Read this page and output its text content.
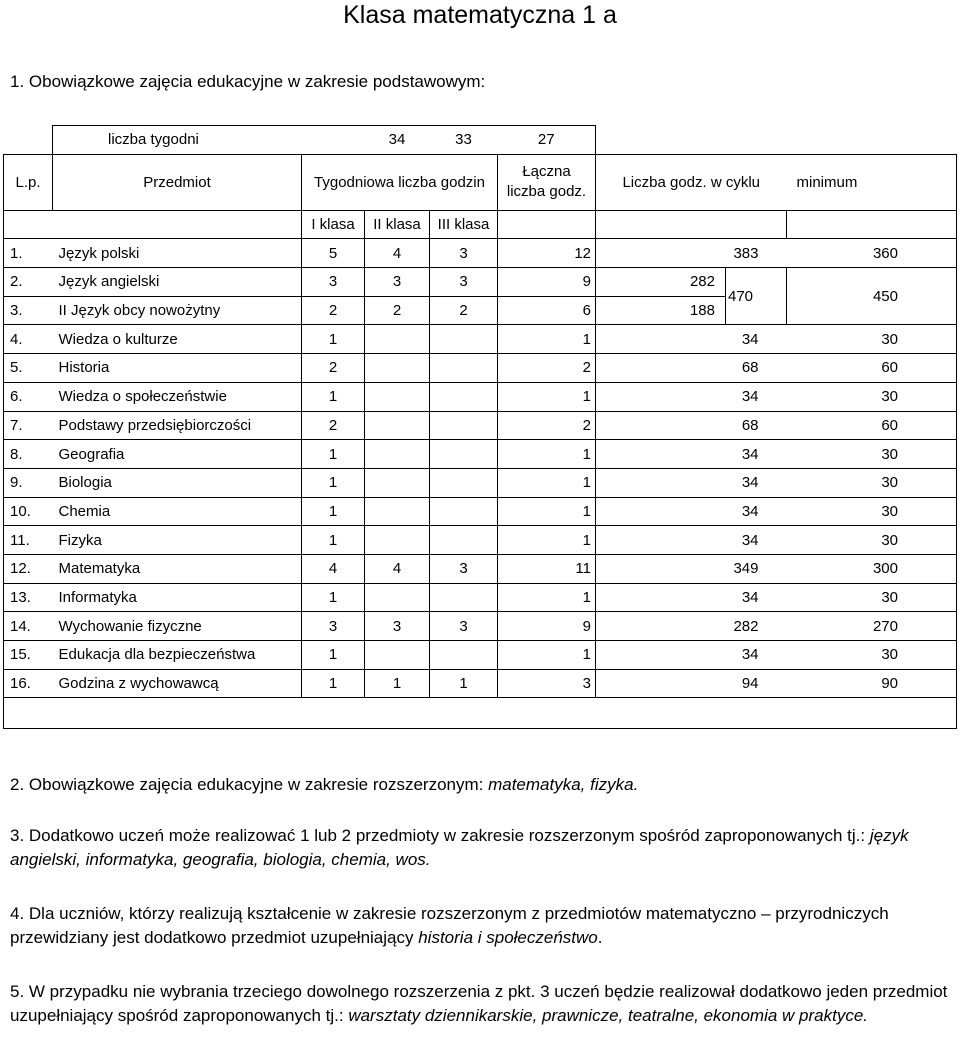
Klasa matematyczna 1 a
1. Obowiązkowe zajęcia edukacyjne w zakresie podstawowym:
	liczba tygodni		34	33	27			
L.p.	Przedmiot	Tygodniowa liczba godzin			Łączna liczba godz.	Liczba godz. w cyklu		minimum
		I klasa	II klasa	III klasa				
1.	Język polski	5	4	3	12	383		360
2.	Język angielski	3	3	3	9	282	470	450
3.	II Język obcy nowożytny	2	2	2	6	188		
4.	Wiedza o kulturze	1			1	34		30
5.	Historia	2			2	68		60
6.	Wiedza o społeczeństwie	1			1	34		30
7.	Podstawy przedsiębiorczości	2			2	68		60
8.	Geografia	1			1	34		30
9.	Biologia	1			1	34		30
10.	Chemia	1			1	34		30
11.	Fizyka	1			1	34		30
12.	Matematyka	4	4	3	11	349		300
13.	Informatyka	1			1	34		30
14.	Wychowanie fizyczne	3	3	3	9	282		270
15.	Edukacja dla bezpieczeństwa	1			1	34		30
16.	Godzina z wychowawcą	1	1	1	3	94		90

2. Obowiązkowe zajęcia edukacyjne w zakresie rozszerzonym: matematyka, fizyka.
3. Dodatkowo uczeń może realizować 1 lub 2 przedmioty w zakresie rozszerzonym spośród zaproponowanych tj.: język angielski, informatyka, geografia, biologia, chemia, wos.
4. Dla uczniów, którzy realizują kształcenie w zakresie rozszerzonym z przedmiotów matematyczno – przyrodniczych przewidziany jest dodatkowo przedmiot uzupełniający historia i społeczeństwo.
5. W przypadku nie wybrania trzeciego dowolnego rozszerzenia z pkt. 3 uczeń będzie realizował dodatkowo jeden przedmiot uzupełniający spośród zaproponowanych tj.: warsztaty dziennikarskie, prawnicze, teatralne, ekonomia w praktyce.
